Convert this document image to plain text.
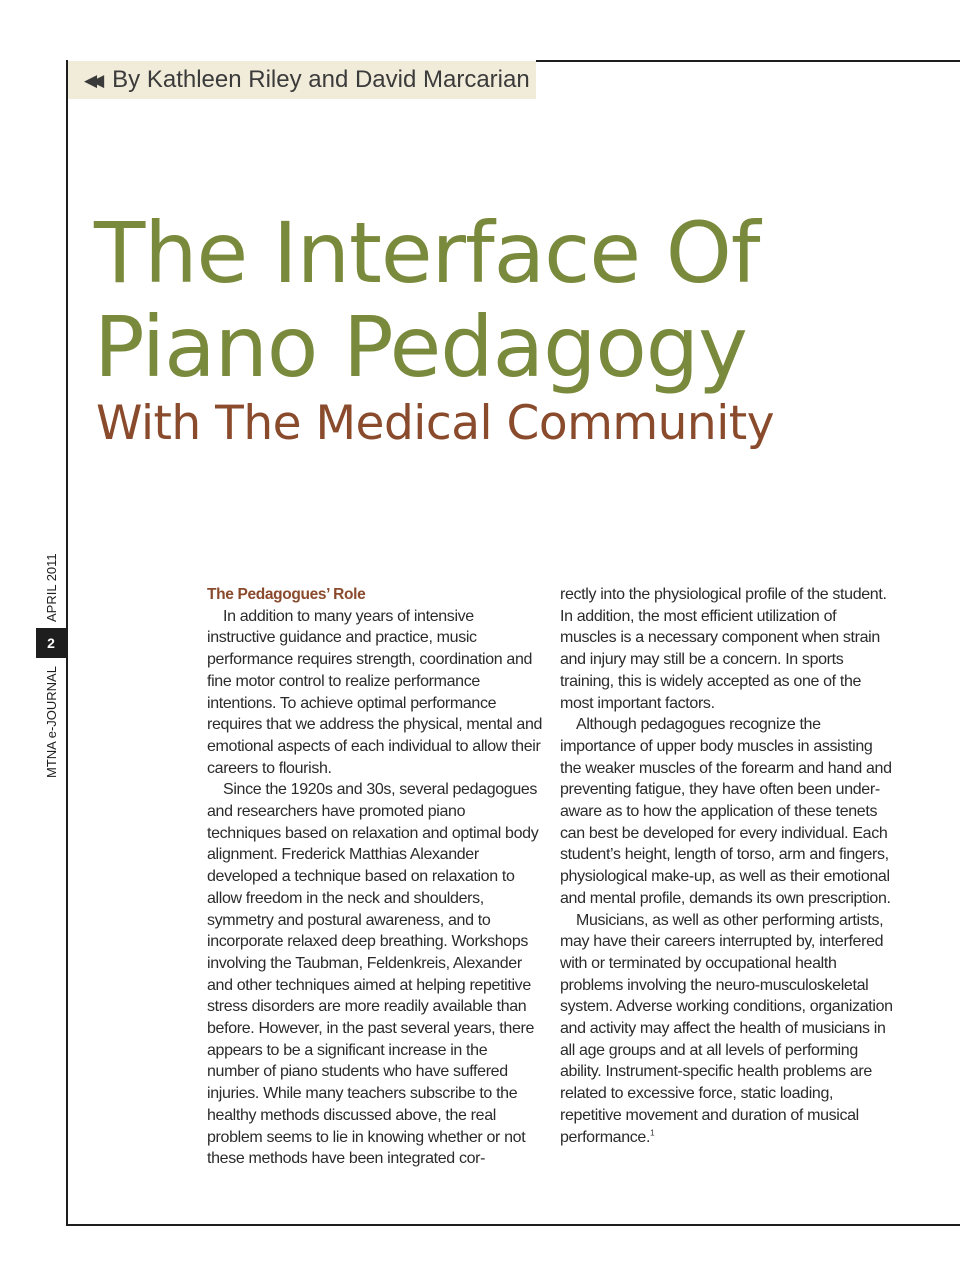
◀◀ By Kathleen Riley and David Marcarian
The Interface Of
Piano Pedagogy
With The Medical Community
APRIL 2011
2
MTNA e-JOURNAL

The Pedagogues’ Role

In addition to many years of intensive instructive guidance and practice, music performance requires strength, coordination and fine motor control to realize performance intentions. To achieve optimal performance requires that we address the physical, mental and emotional aspects of each individual to allow their careers to flourish.

Since the 1920s and 30s, several pedagogues and researchers have promoted piano techniques based on relaxation and optimal body alignment. Frederick Matthias Alexander developed a technique based on relaxation to allow freedom in the neck and shoulders, symmetry and postural awareness, and to incorporate relaxed deep breathing. Workshops involving the Taubman, Feldenkreis, Alexander and other techniques aimed at helping repetitive stress disorders are more readily available than before. However, in the past several years, there appears to be a significant increase in the number of piano students who have suffered injuries. While many teachers subscribe to the healthy methods discussed above, the real problem seems to lie in knowing whether or not these methods have been integrated cor-

rectly into the physiological profile of the student. In addition, the most efficient utilization of muscles is a necessary component when strain and injury may still be a concern. In sports training, this is widely accepted as one of the most important factors.

Although pedagogues recognize the importance of upper body muscles in assisting the weaker muscles of the forearm and hand and preventing fatigue, they have often been under-aware as to how the application of these tenets can best be developed for every individual. Each student’s height, length of torso, arm and fingers, physiological make-up, as well as their emotional and mental profile, demands its own prescription.

Musicians, as well as other performing artists, may have their careers interrupted by, interfered with or terminated by occupational health problems involving the neuro-musculoskeletal system. Adverse working conditions, organization and activity may affect the health of musicians in all age groups and at all levels of performing ability. Instrument-specific health problems are related to excessive force, static loading, repetitive movement and duration of musical performance.$^1$
